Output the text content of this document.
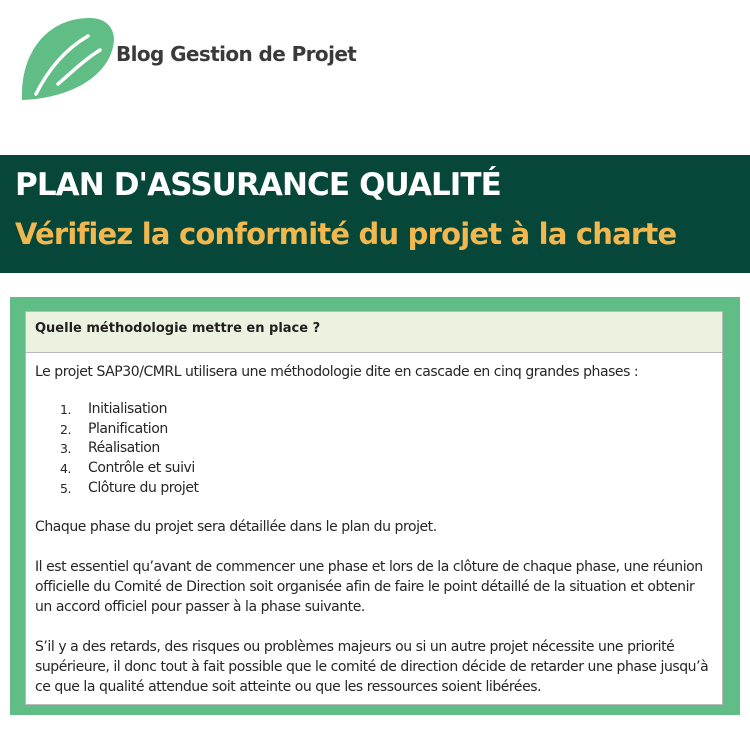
Blog Gestion de Projet
PLAN D'ASSURANCE QUALITÉ
Vérifiez la conformité du projet à la charte
Quelle méthodologie mettre en place ?

Le projet SAP30/CMRL utilisera une méthodologie dite en cascade en cinq grandes phases :

1.	Initialisation
2.	Planification
3.	Réalisation
4.	Contrôle et suivi
5.	Clôture du projet

Chaque phase du projet sera détaillée dans le plan du projet.

Il est essentiel qu’avant de commencer une phase et lors de la clôture de chaque phase, une réunion officielle du Comité de Direction soit organisée afin de faire le point détaillé de la situation et obtenir un accord officiel pour passer à la phase suivante.

S’il y a des retards, des risques ou problèmes majeurs ou si un autre projet nécessite une priorité supérieure, il donc tout à fait possible que le comité de direction décide de retarder une phase jusqu’à ce que la qualité attendue soit atteinte ou que les ressources soient libérées.
